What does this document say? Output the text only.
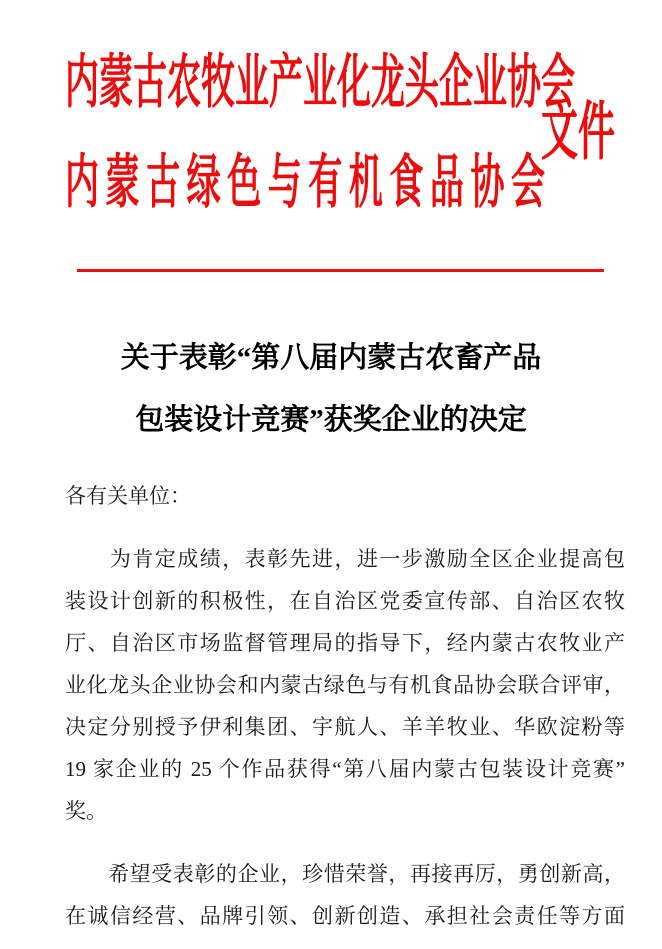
内蒙古农牧业产业化龙头企业协会
内蒙古绿色与有机食品协会
文件
关于表彰“第八届内蒙古农畜产品
包装设计竞赛”获奖企业的决定
各有关单位：
　　为肯定成绩，表彰先进，进一步激励全区企业提高包
装设计创新的积极性，在自治区党委宣传部、自治区农牧
厅、自治区市场监督管理局的指导下，经内蒙古农牧业产
业化龙头企业协会和内蒙古绿色与有机食品协会联合评审，
决定分别授予伊利集团、宇航人、羊羊牧业、华欧淀粉等
19 家企业的 25 个作品获得“第八届内蒙古包装设计竞赛”
奖。
　　希望受表彰的企业，珍惜荣誉，再接再厉，勇创新高，
在诚信经营、品牌引领、创新创造、承担社会责任等方面
